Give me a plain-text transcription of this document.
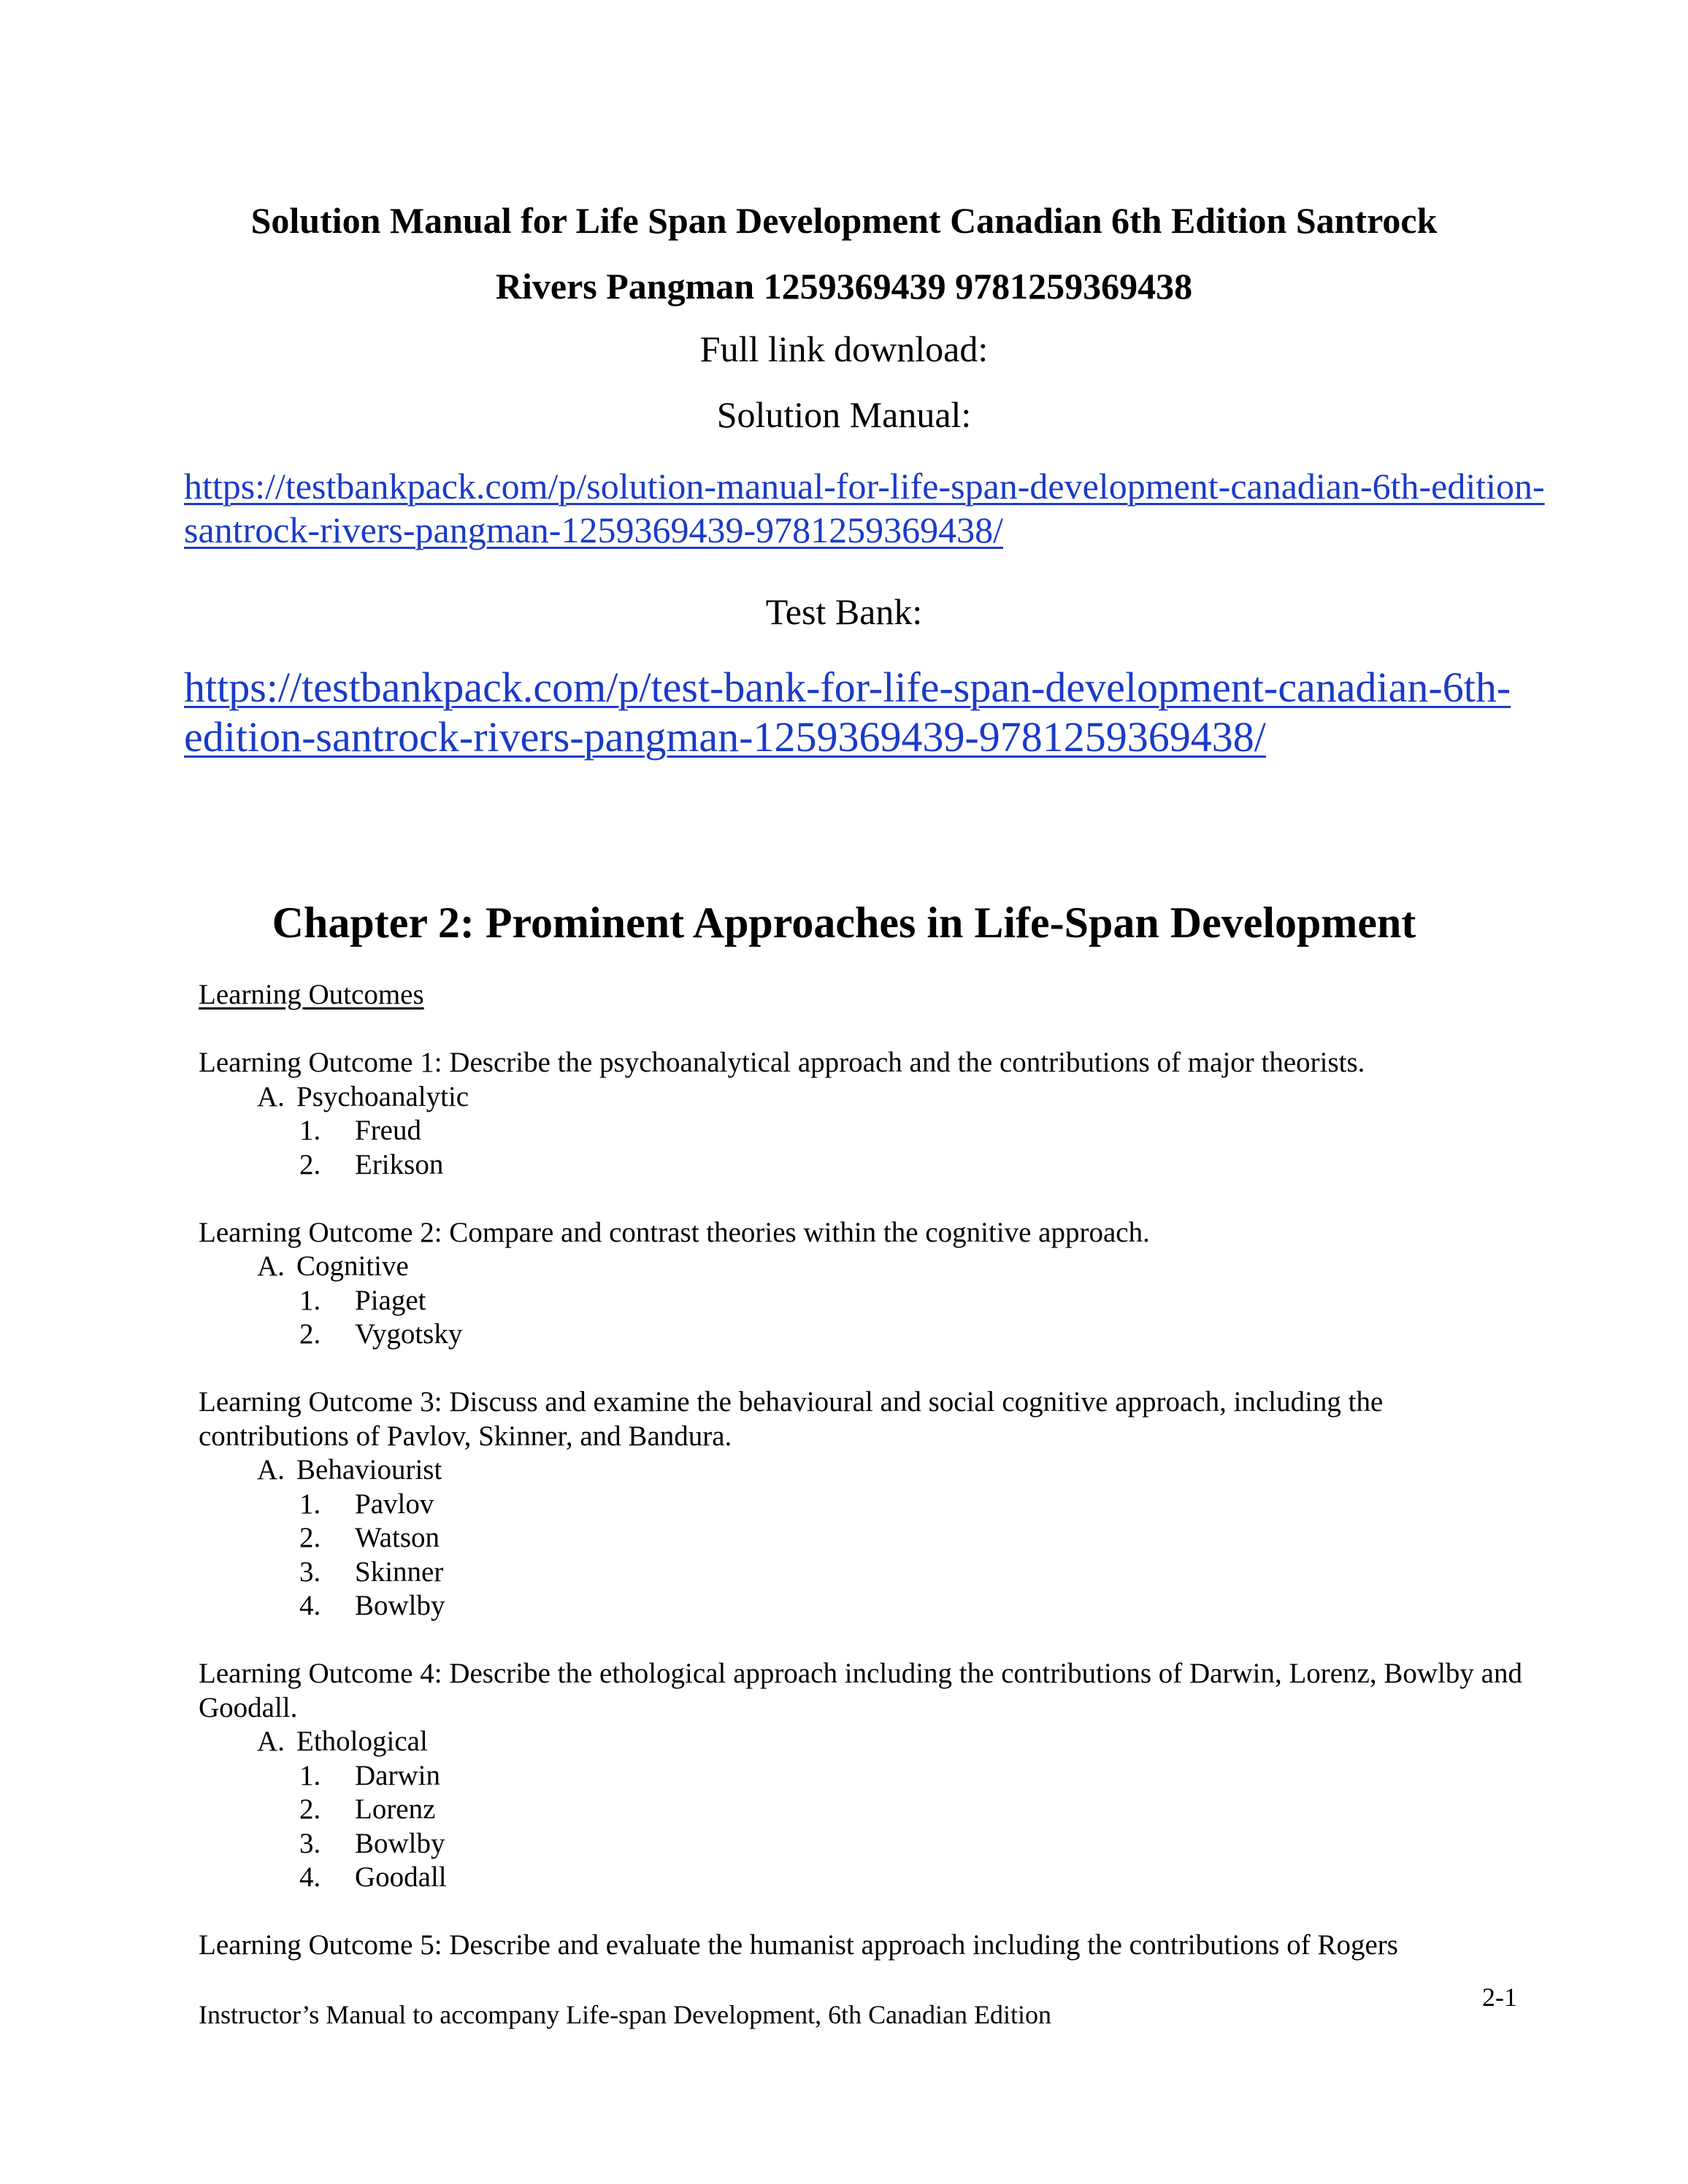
Solution Manual for Life Span Development Canadian 6th Edition Santrock
Rivers Pangman 1259369439 9781259369438
Full link download:
Solution Manual:
https://testbankpack.com/p/solution-manual-for-life-span-development-canadian-6th-edition-santrock-rivers-pangman-1259369439-9781259369438/
Test Bank:
https://testbankpack.com/p/test-bank-for-life-span-development-canadian-6th-edition-santrock-rivers-pangman-1259369439-9781259369438/
Chapter 2: Prominent Approaches in Life-Span Development
Learning Outcomes

Learning Outcome 1: Describe the psychoanalytical approach and the contributions of major theorists.

A. Psychoanalytic
1. Freud
2. Erikson

Learning Outcome 2: Compare and contrast theories within the cognitive approach.

A. Cognitive
1. Piaget
2. Vygotsky

Learning Outcome 3: Discuss and examine the behavioural and social cognitive approach, including the contributions of Pavlov, Skinner, and Bandura.

A. Behaviourist
1. Pavlov
2. Watson
3. Skinner
4. Bowlby

Learning Outcome 4: Describe the ethological approach including the contributions of Darwin, Lorenz, Bowlby and Goodall.

A. Ethological
1. Darwin
2. Lorenz
3. Bowlby
4. Goodall

Learning Outcome 5: Describe and evaluate the humanist approach including the contributions of Rogers

2-1
Instructor’s Manual to accompany Life-span Development, 6th Canadian Edition
